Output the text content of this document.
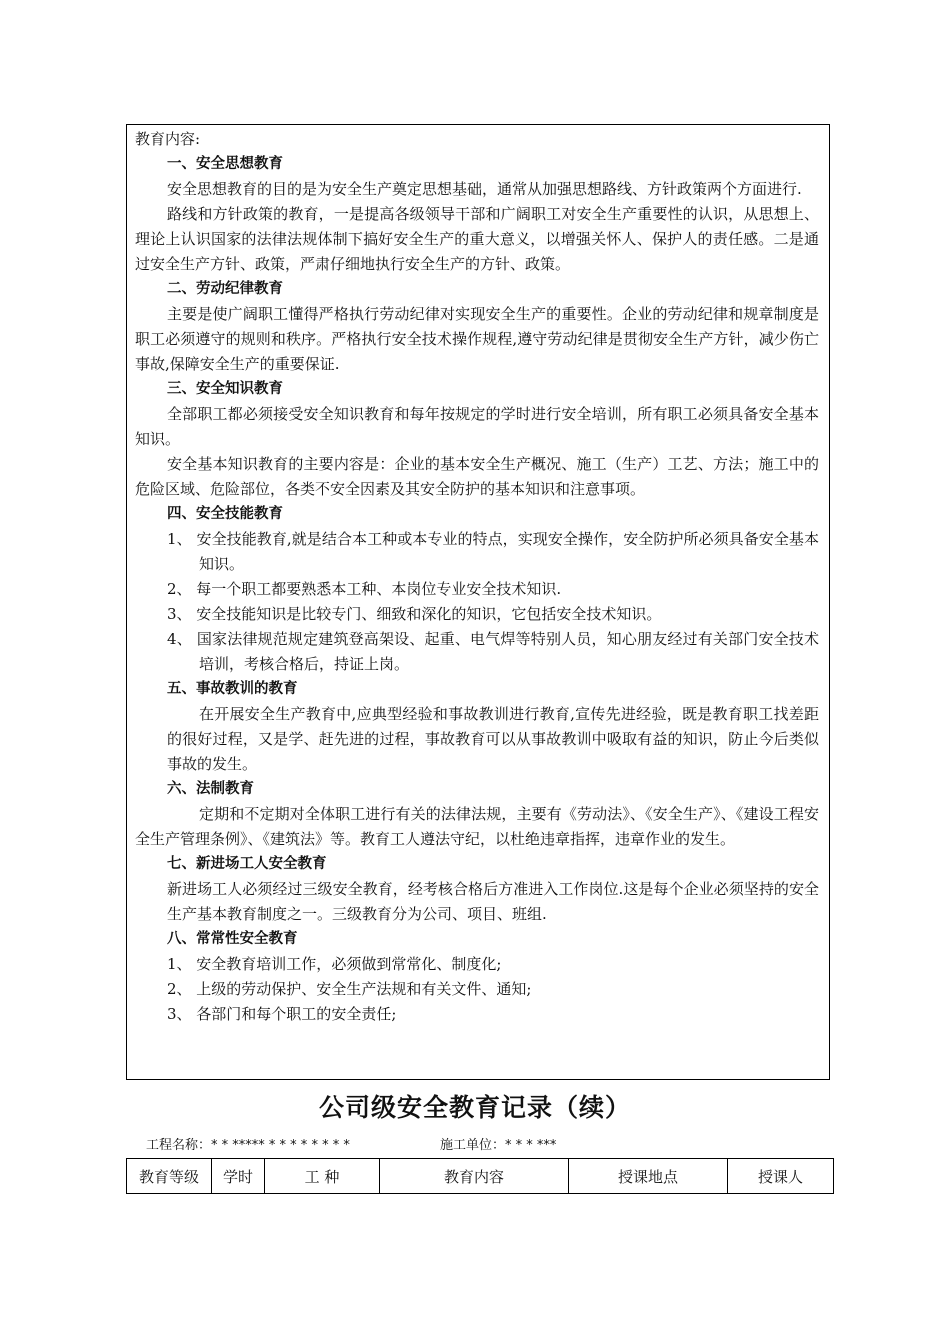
教育内容:

一、安全思想教育

安全思想教育的目的是为安全生产奠定思想基础，通常从加强思想路线、方针政策两个方面进行.

路线和方针政策的教育，一是提高各级领导干部和广阔职工对安全生产重要性的认识，从思想上、理论上认识国家的法律法规体制下搞好安全生产的重大意义，以增强关怀人、保护人的责任感。二是通过安全生产方针、政策，严肃仔细地执行安全生产的方针、政策。

二、劳动纪律教育

主要是使广阔职工懂得严格执行劳动纪律对实现安全生产的重要性。企业的劳动纪律和规章制度是职工必须遵守的规则和秩序。严格执行安全技术操作规程,遵守劳动纪律是贯彻安全生产方针，减少伤亡事故,保障安全生产的重要保证.

三、安全知识教育

全部职工都必须接受安全知识教育和每年按规定的学时进行安全培训，所有职工必须具备安全基本知识。

安全基本知识教育的主要内容是：企业的基本安全生产概况、施工（生产）工艺、方法；施工中的危险区域、危险部位，各类不安全因素及其安全防护的基本知识和注意事项。

四、安全技能教育

1、 安全技能教育,就是结合本工种或本专业的特点，实现安全操作，安全防护所必须具备安全基本知识。

2、 每一个职工都要熟悉本工种、本岗位专业安全技术知识.

3、 安全技能知识是比较专门、细致和深化的知识，它包括安全技术知识。

4、 国家法律规范规定建筑登高架设、起重、电气焊等特别人员，知心朋友经过有关部门安全技术培训，考核合格后，持证上岗。

五、事故教训的教育

在开展安全生产教育中,应典型经验和事故教训进行教育,宣传先进经验，既是教育职工找差距的很好过程，又是学、赶先进的过程，事故教育可以从事故教训中吸取有益的知识，防止今后类似事故的发生。

六、法制教育

定期和不定期对全体职工进行有关的法律法规，主要有《劳动法》、《安全生产》、《建设工程安全生产管理条例》、《建筑法》等。教育工人遵法守纪，以杜绝违章指挥，违章作业的发生。

七、新进场工人安全教育

新进场工人必须经过三级安全教育，经考核合格后方准进入工作岗位.这是每个企业必须坚持的安全生产基本教育制度之一。三级教育分为公司、项目、班组.

八、常常性安全教育

1、 安全教育培训工作，必须做到常常化、制度化;

2、 上级的劳动保护、安全生产法规和有关文件、通知;

3、 各部门和每个职工的安全责任;

公司级安全教育记录（续）
工程名称：* * ***** * * * * * * * *	施工单位：* * * ***
教育等级	学时	工 种	教育内容	授课地点	授课人
